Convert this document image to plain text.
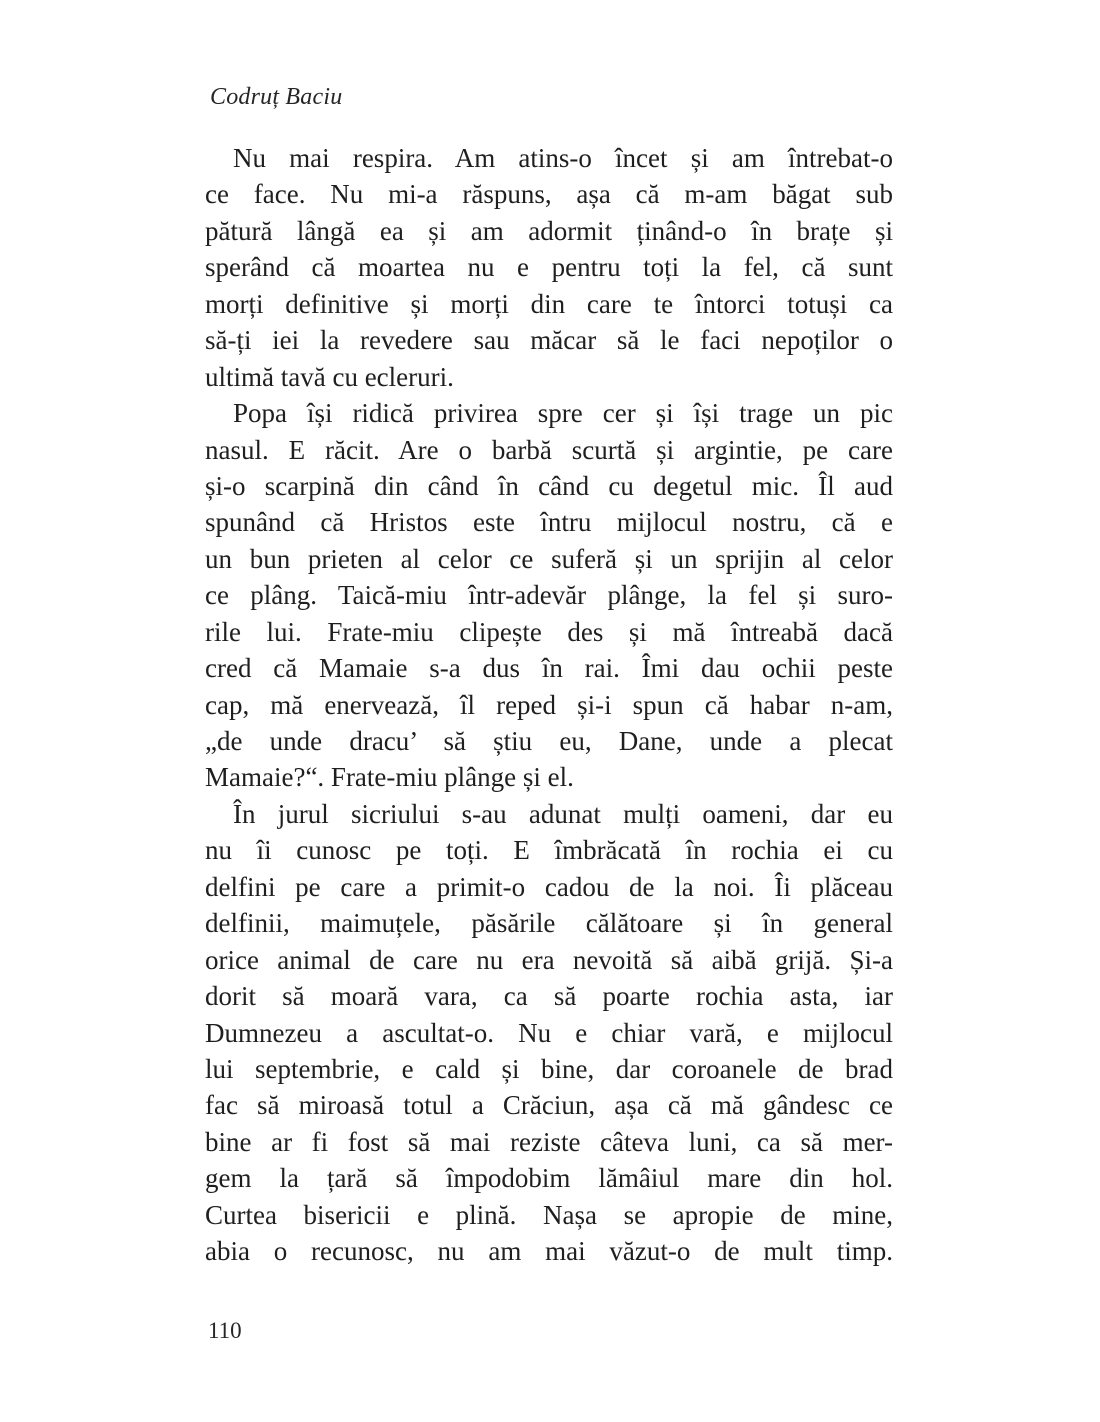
Codruț Baciu
Nu mai respira. Am atins-o încet și am întrebat-o
ce face. Nu mi-a răspuns, așa că m-am băgat sub
pătură lângă ea și am adormit ținând-o în brațe și
sperând că moartea nu e pentru toți la fel, că sunt
morți definitive și morți din care te întorci totuși ca
să-ți iei la revedere sau măcar să le faci nepoților o
ultimă tavă cu ecleruri.
Popa își ridică privirea spre cer și își trage un pic
nasul. E răcit. Are o barbă scurtă și argintie, pe care
și-o scarpină din când în când cu degetul mic. Îl aud
spunând că Hristos este întru mijlocul nostru, că e
un bun prieten al celor ce suferă și un sprijin al celor
ce plâng. Taică-miu într-adevăr plânge, la fel și suro-
rile lui. Frate-miu clipește des și mă întreabă dacă
cred că Mamaie s-a dus în rai. Îmi dau ochii peste
cap, mă enervează, îl reped și-i spun că habar n-am,
„de unde dracu’ să știu eu, Dane, unde a plecat
Mamaie?“. Frate-miu plânge și el.
În jurul sicriului s-au adunat mulți oameni, dar eu
nu îi cunosc pe toți. E îmbrăcată în rochia ei cu
delfini pe care a primit-o cadou de la noi. Îi plăceau
delfinii, maimuțele, păsările călătoare și în general
orice animal de care nu era nevoită să aibă grijă. Și-a
dorit să moară vara, ca să poarte rochia asta, iar
Dumnezeu a ascultat-o. Nu e chiar vară, e mijlocul
lui septembrie, e cald și bine, dar coroanele de brad
fac să miroasă totul a Crăciun, așa că mă gândesc ce
bine ar fi fost să mai reziste câteva luni, ca să mer-
gem la țară să împodobim lămâiul mare din hol.
Curtea bisericii e plină. Nașa se apropie de mine,
abia o recunosc, nu am mai văzut-o de mult timp.
110
